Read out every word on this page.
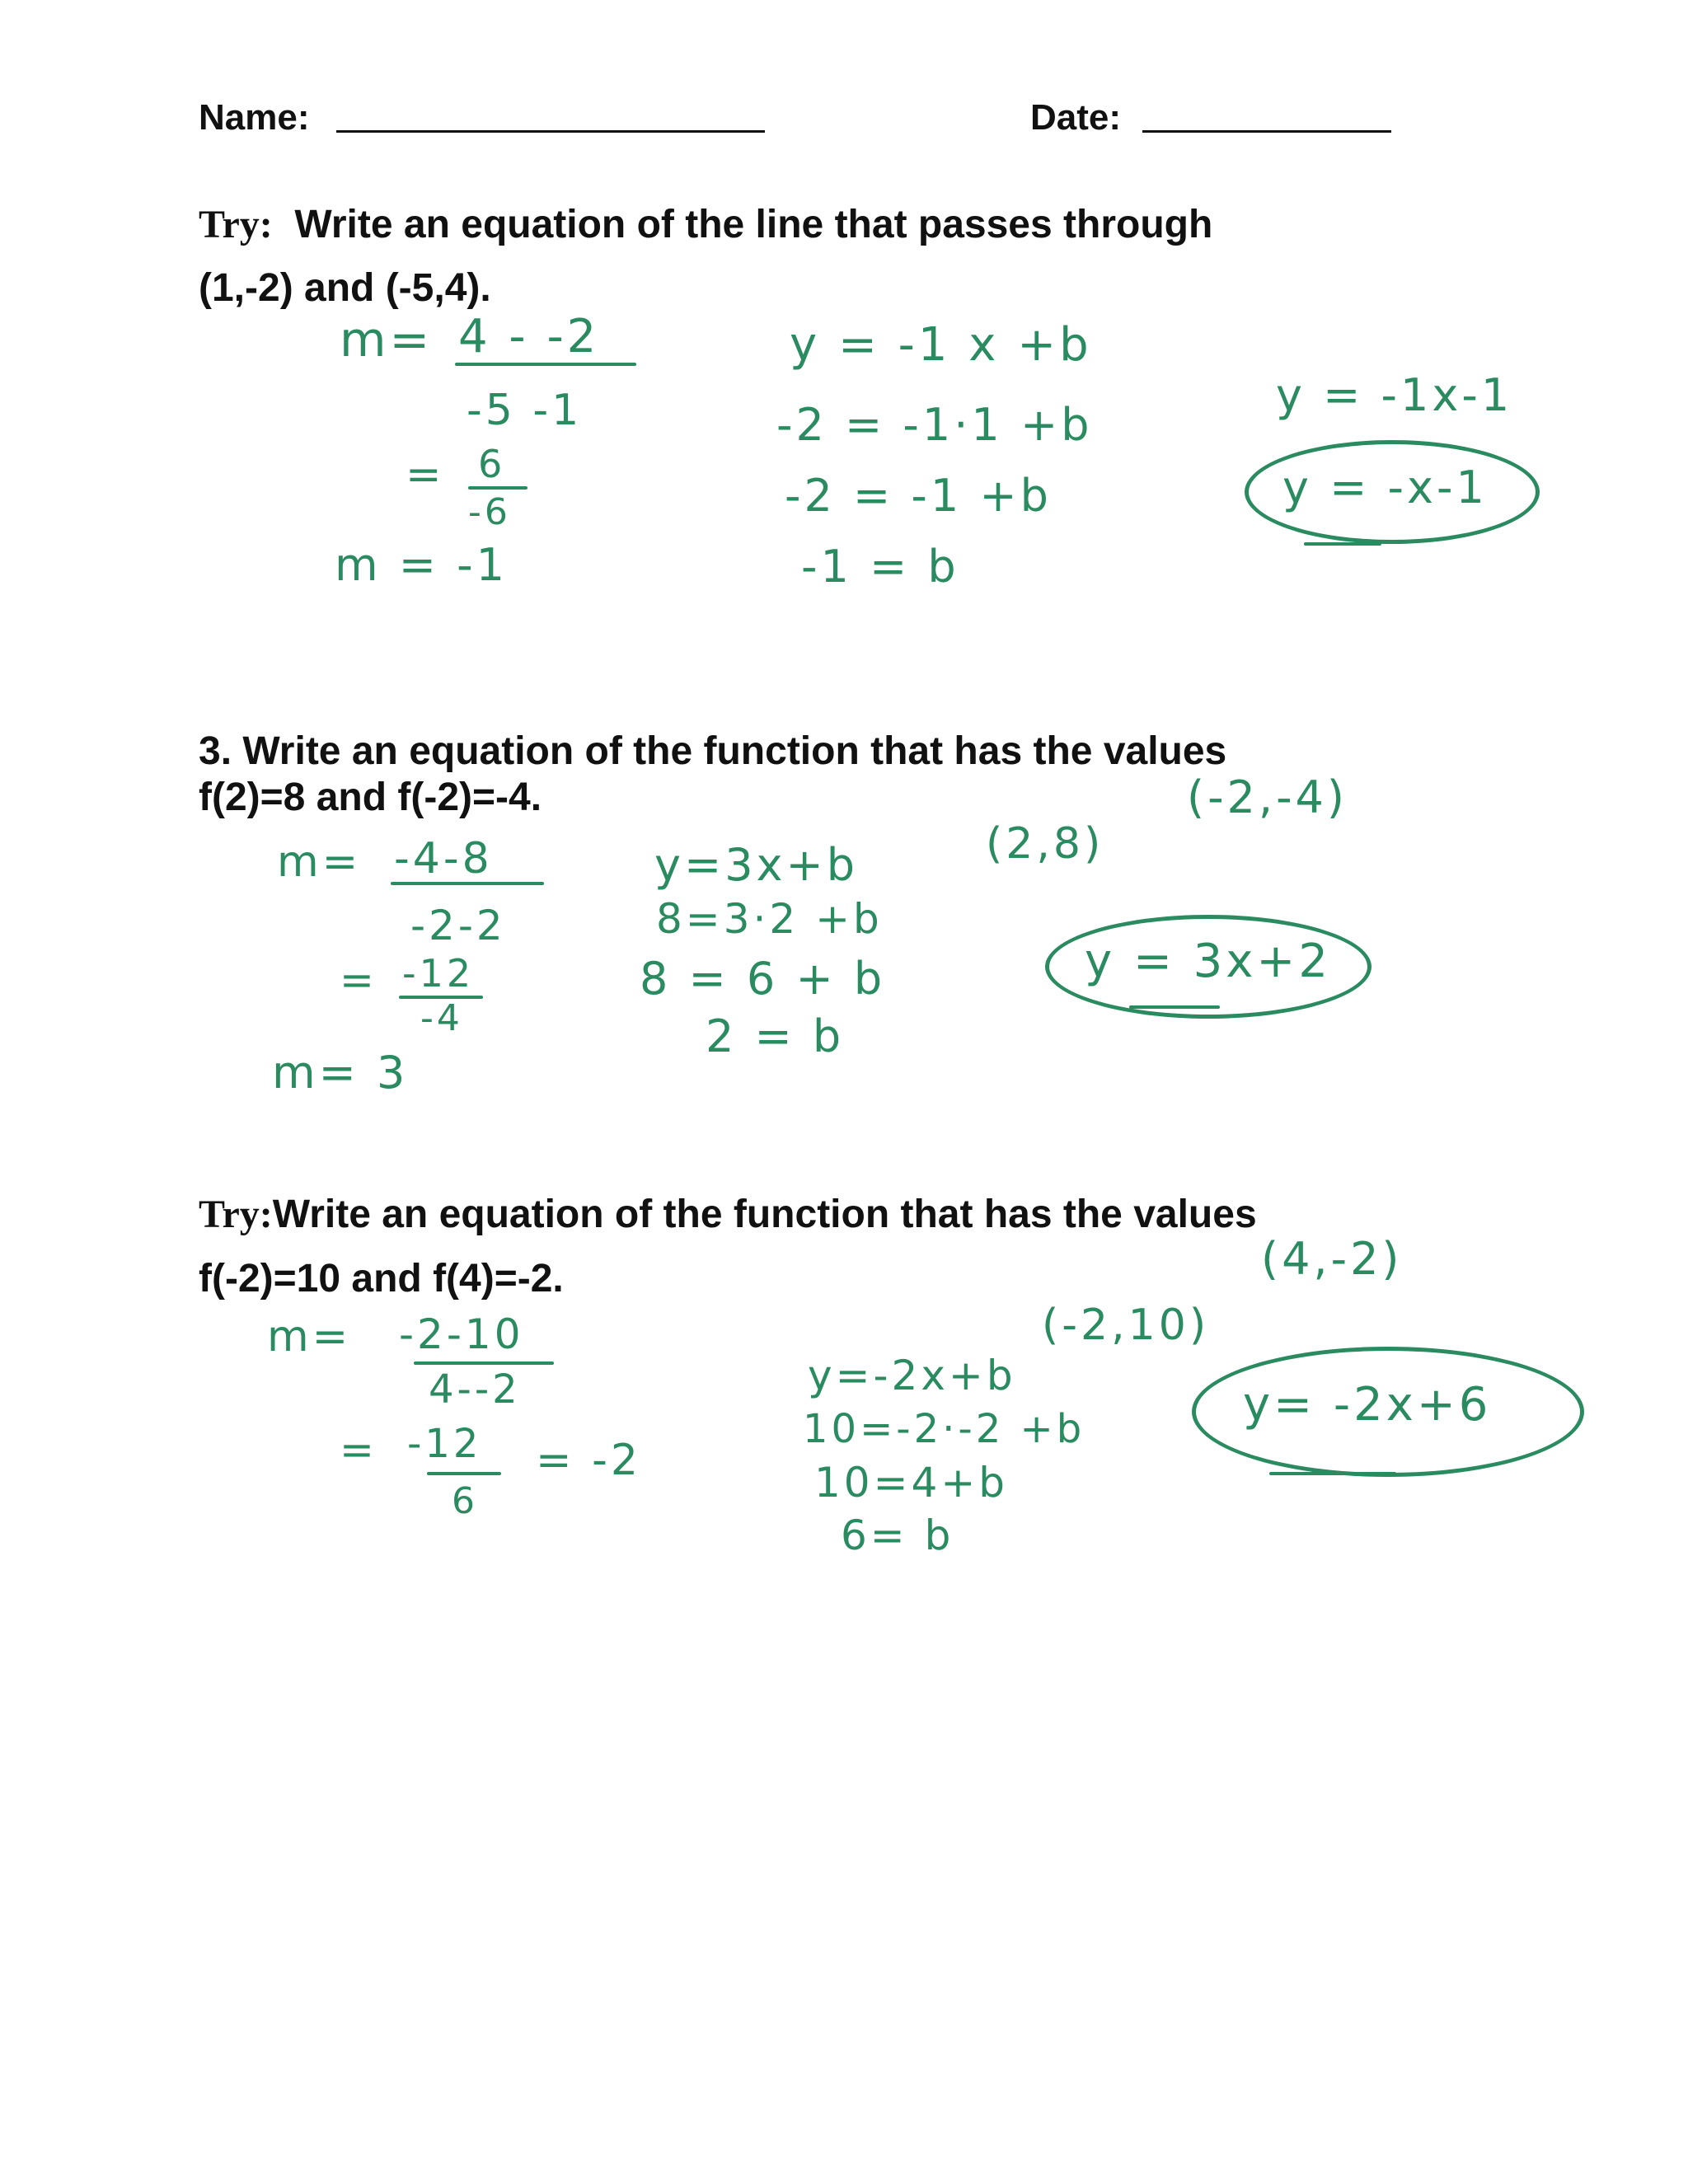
Name:	Date:
Try: Write an equation of the line that passes through
(1,-2) and (-5,4).
m= 4 - -2
-5 -1
= 6
-6
m = -1
y = -1 x +b
-2 = -1·1 +b
-2 = -1 +b
-1 = b
y = -1x-1
y = -x-1
3. Write an equation of the function that has the values
f(2)=8 and f(-2)=-4.	(-2,-4)
(2,8)
m= -4-8
-2-2
= -12
-4
m= 3
y=3x+b
8=3·2 +b
8 = 6 + b
2 = b
y = 3x+2
Try:Write an equation of the function that has the values
f(-2)=10 and f(4)=-2.	(4,-2)
(-2,10)
m= -2-10
4--2
= -12
6
= -2
y=-2x+b
10=-2·-2 +b
10=4+b
6= b
y= -2x+6
